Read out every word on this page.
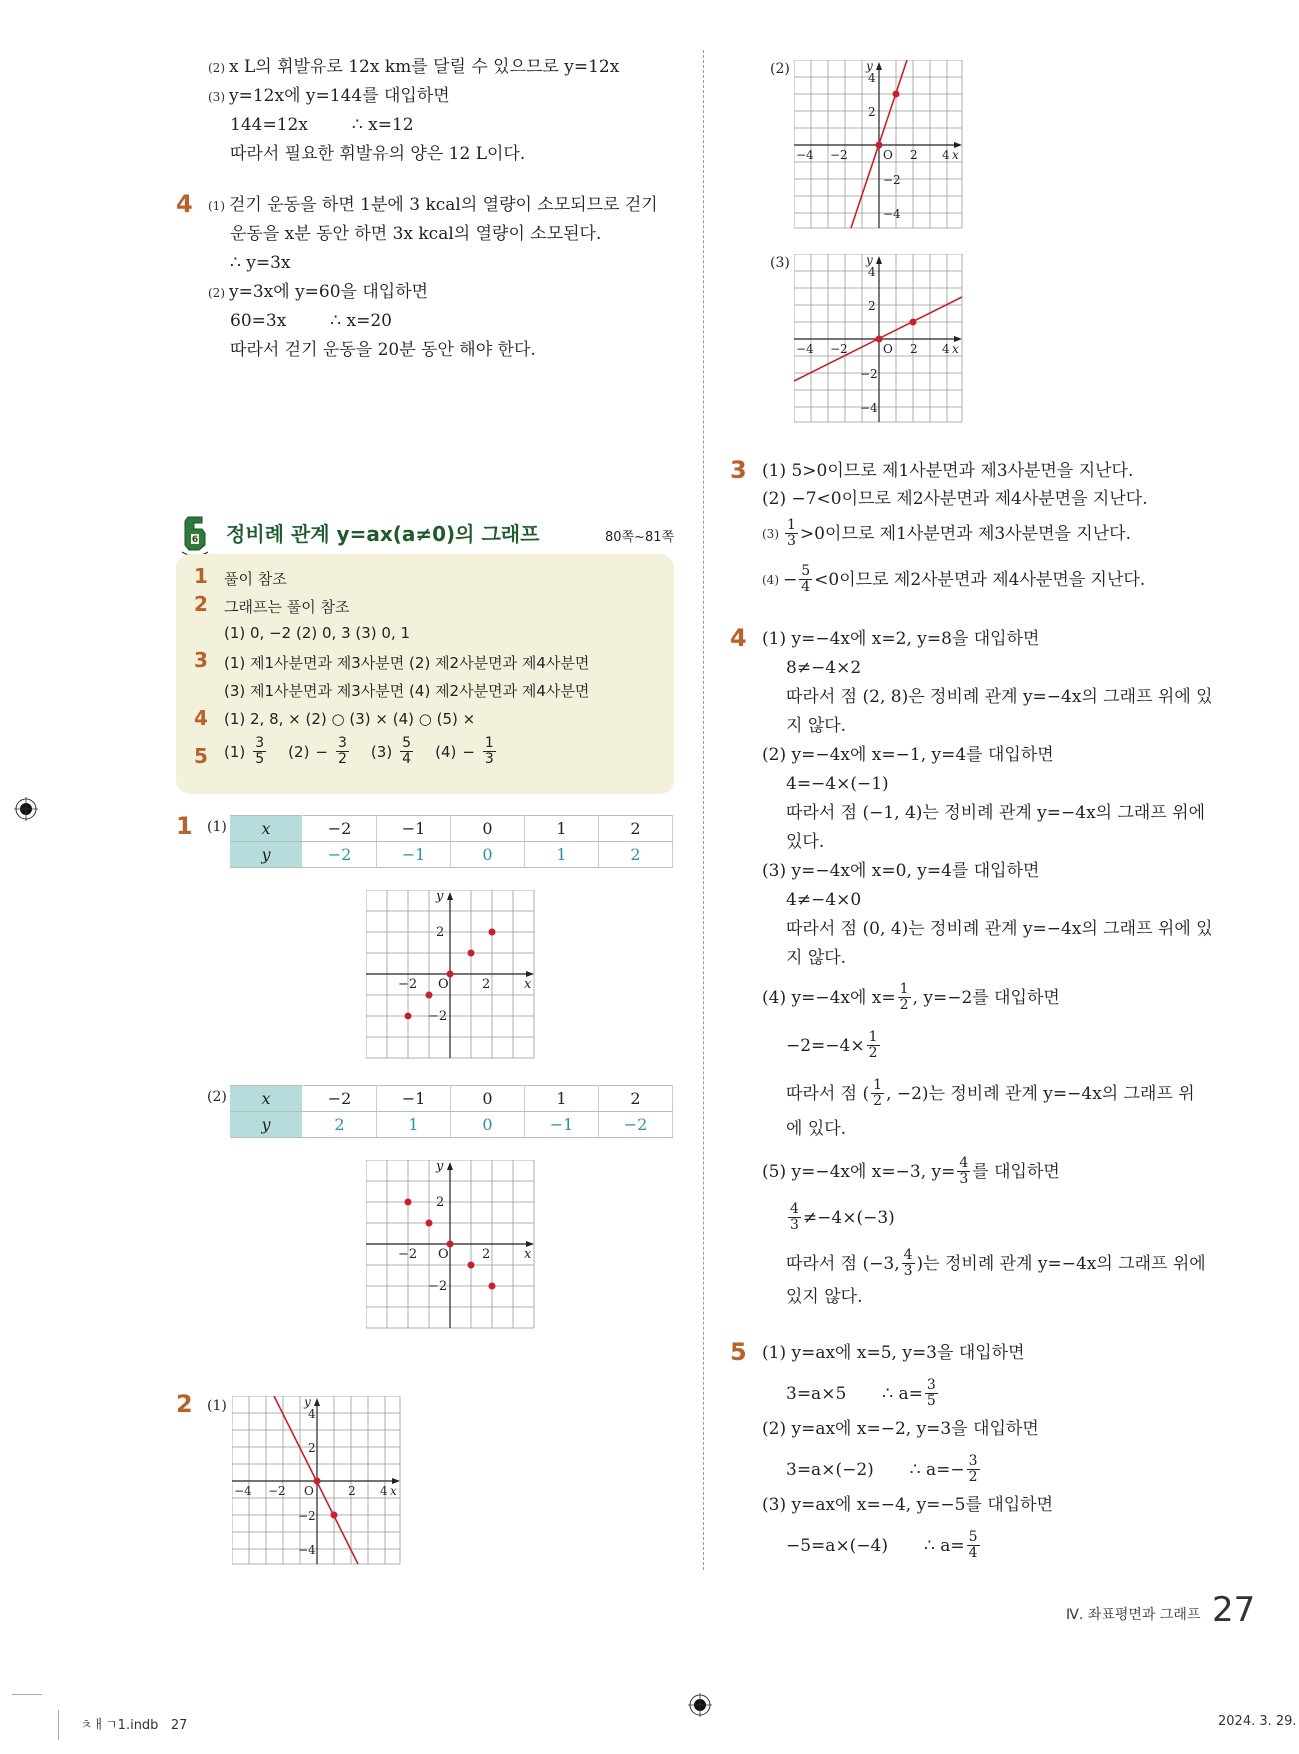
(2) x L의 휘발유로 12x km를 달릴 수 있으므로 y=12x
(3) y=12x에 y=144를 대입하면
144=12x	∴ x=12
따라서 필요한 휘발유의 양은 12 L이다.
4 (1) 걷기 운동을 하면 1분에 3 kcal의 열량이 소모되므로 걷기
운동을 x분 동안 하면 3x kcal의 열량이 소모된다.
∴ y=3x
(2) y=3x에 y=60을 대입하면
60=3x	∴ x=20
따라서 걷기 운동을 20분 동안 해야 한다.
6 정비례 관계 y=ax(a≠0)의 그래프	80쪽~81쪽
1 풀이 참조
2 그래프는 풀이 참조
(1) 0, −2 (2) 0, 3 (3) 0, 1
3 (1) 제1사분면과 제3사분면 (2) 제2사분면과 제4사분면
(3) 제1사분면과 제3사분면 (4) 제2사분면과 제4사분면
4 (1) 2, 8, × (2) ○ (3) × (4) ○ (5) ×
5 $(1) \frac{3}{5} (2) - \frac{3}{2} (3) \frac{5}{4} (4) - \frac{1}{3}$
1 (1) x	−2	−1	0	1	2
y	−2	−1	0	1	2
y
x
O
−2	2
2
−2
(2) x	−2	−1	0	1	2
y	2	1	0	−1	−2
y
x
O
−2	2
2
−2
2 (1)	y
4
2
x
O
−4 −2	2 4
−2
−4
(2)	y
4
2
x
O
−4 −2	2 4
−2
−4
(3)	y
4
2
x
O
−4 −2	2 4
−2
−4
3 (1) 5>0이므로 제1사분면과 제3사분면을 지난다.
(2) −7<0이므로 제2사분면과 제4사분면을 지난다.
$(3) \frac{1}{3} >0$이므로 제1사분면과 제3사분면을 지난다.
$(4) - \frac{5}{4} <0$이므로 제2사분면과 제4사분면을 지난다.
4 (1) y=−4x에 x=2, y=8을 대입하면
8≠−4×2
따라서 점 (2, 8)은 정비례 관계 y=−4x의 그래프 위에 있
지 않다.
(2) y=−4x에 x=−1, y=4를 대입하면
4=−4×(−1)
따라서 점 (−1, 4)는 정비례 관계 y=−4x의 그래프 위에
있다.
(3) y=−4x에 x=0, y=4를 대입하면
4≠−4×0
따라서 점 (0, 4)는 정비례 관계 y=−4x의 그래프 위에 있
지 않다.
(4) y=−4x에 $x= \frac{1}{2}$ , y=−2를 대입하면
$-2=-4\times \frac{1}{2}$
따라서 점 ( $\frac{1}{2}$ , −2)는 정비례 관계 y=−4x의 그래프 위
에 있다.
(5) y=−4x에 x=−3, $y= \frac{4}{3}$ 를 대입하면
$\frac{4}{3} \ne-4\times(-3)$
따라서 점 (−3, $\frac{4}{3}$ )는 정비례 관계 y=−4x의 그래프 위에
있지 않다.
5 (1) y=ax에 x=5, y=3을 대입하면
3=a×5 ∴ $a= \frac{3}{5}$
(2) y=ax에 x=−2, y=3을 대입하면
3=a×(−2) ∴ $a=- \frac{3}{2}$
(3) y=ax에 x=−4, y=−5를 대입하면
−5=a×(−4) ∴ $a= \frac{5}{4}$
Ⅳ. 좌표평면과 그래프 27
ㅊㅐㄱ1.indb   27	2024. 3. 29.
